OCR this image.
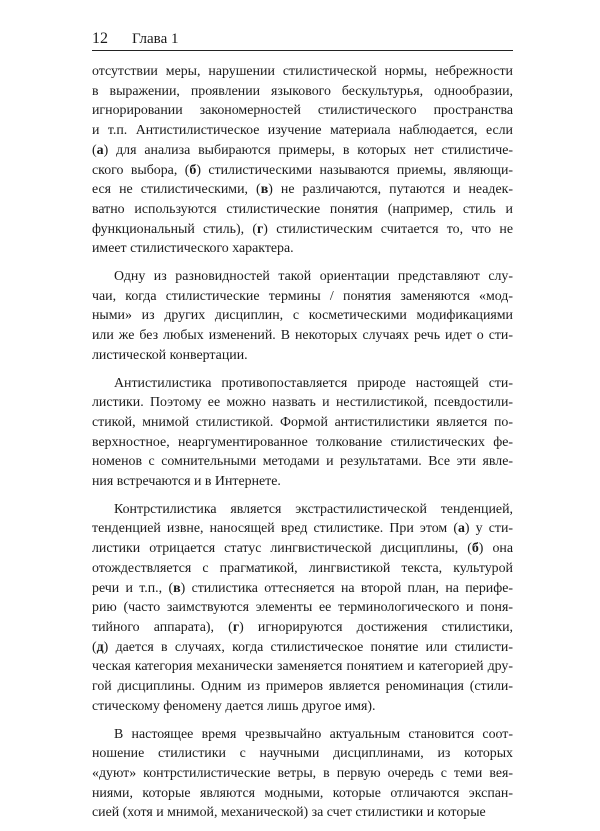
12 Глава 1

отсутствии меры, нарушении стилистической нормы, небрежности
в выражении, проявлении языкового бескультурья, однообразии,
игнорировании закономерностей стилистического пространства
и т.п. Антистилистическое изучение материала наблюдается, если
(а) для анализа выбираются примеры, в которых нет стилистиче-
ского выбора, (б) стилистическими называются приемы, являющи-
еся не стилистическими, (в) не различаются, путаются и неадек-
ватно используются стилистические понятия (например, стиль и
функциональный стиль), (г) стилистическим считается то, что не
имеет стилистического характера.

Одну из разновидностей такой ориентации представляют слу-
чаи, когда стилистические термины / понятия заменяются «мод-
ными» из других дисциплин, с косметическими модификациями
или же без любых изменений. В некоторых случаях речь идет о сти-
листической конвертации.

Антистилистика противопоставляется природе настоящей сти-
листики. Поэтому ее можно назвать и нестилистикой, псевдостили-
стикой, мнимой стилистикой. Формой антистилистики является по-
верхностное, неаргументированное толкование стилистических фе-
номенов с сомнительными методами и результатами. Все эти явле-
ния встречаются и в Интернете.

Контрстилистика является экстрастилистической тенденцией,
тенденцией извне, наносящей вред стилистике. При этом (а) у сти-
листики отрицается статус лингвистической дисциплины, (б) она
отождествляется с прагматикой, лингвистикой текста, культурой
речи и т.п., (в) стилистика оттесняется на второй план, на перифе-
рию (часто заимствуются элементы ее терминологического и поня-
тийного аппарата), (г) игнорируются достижения стилистики,
(д) дается в случаях, когда стилистическое понятие или стилисти-
ческая категория механически заменяется понятием и категорией дру-
гой дисциплины. Одним из примеров является реноминация (стили-
стическому феномену дается лишь другое имя).

В настоящее время чрезвычайно актуальным становится соот-
ношение стилистики с научными дисциплинами, из которых
«дуют» контрстилистические ветры, в первую очередь с теми вея-
ниями, которые являются модными, которые отличаются экспан-
сией (хотя и мнимой, механической) за счет стилистики и которые
